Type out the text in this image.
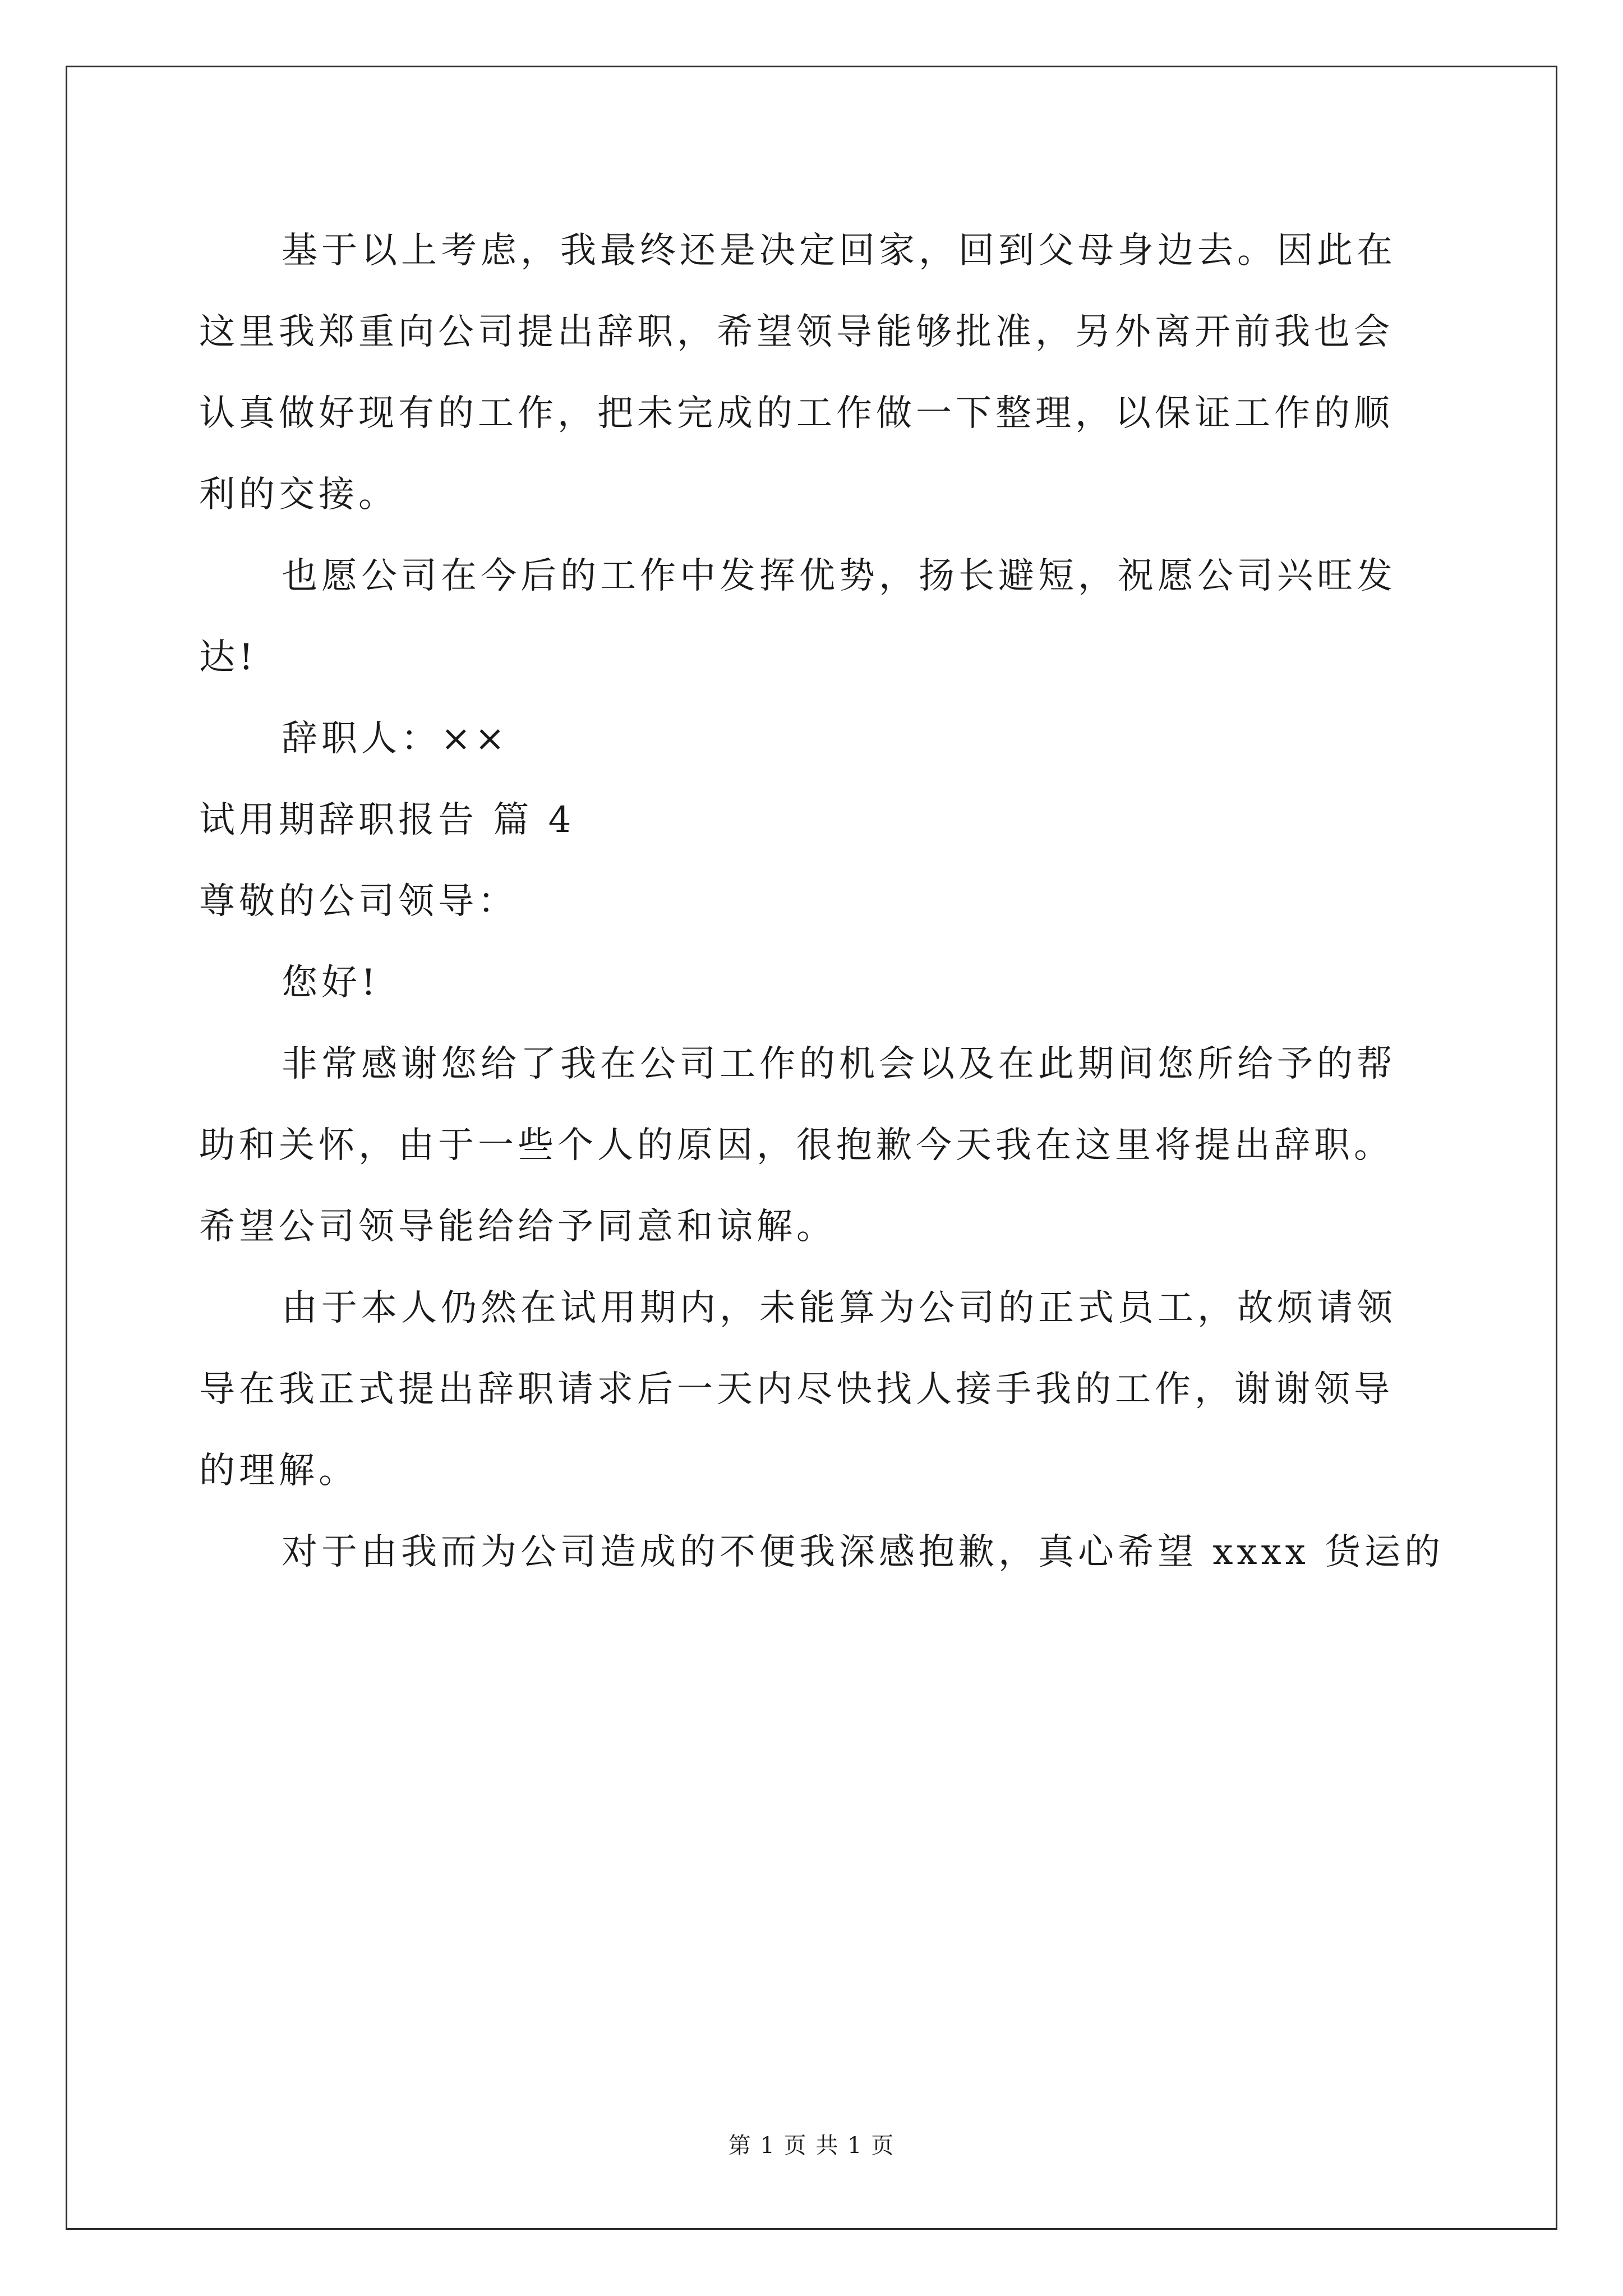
基于以上考虑，我最终还是决定回家，回到父母身边去。因此在
这里我郑重向公司提出辞职，希望领导能够批准，另外离开前我也会
认真做好现有的工作，把未完成的工作做一下整理，以保证工作的顺
利的交接。
也愿公司在今后的工作中发挥优势，扬长避短，祝愿公司兴旺发
达!
辞职人：××
试用期辞职报告 篇 4
尊敬的公司领导：
您好!
非常感谢您给了我在公司工作的机会以及在此期间您所给予的帮
助和关怀，由于一些个人的原因，很抱歉今天我在这里将提出辞职。
希望公司领导能给给予同意和谅解。
由于本人仍然在试用期内，未能算为公司的正式员工，故烦请领
导在我正式提出辞职请求后一天内尽快找人接手我的工作，谢谢领导
的理解。
对于由我而为公司造成的不便我深感抱歉，真心希望 xxxx 货运的
第 1 页 共 1 页
